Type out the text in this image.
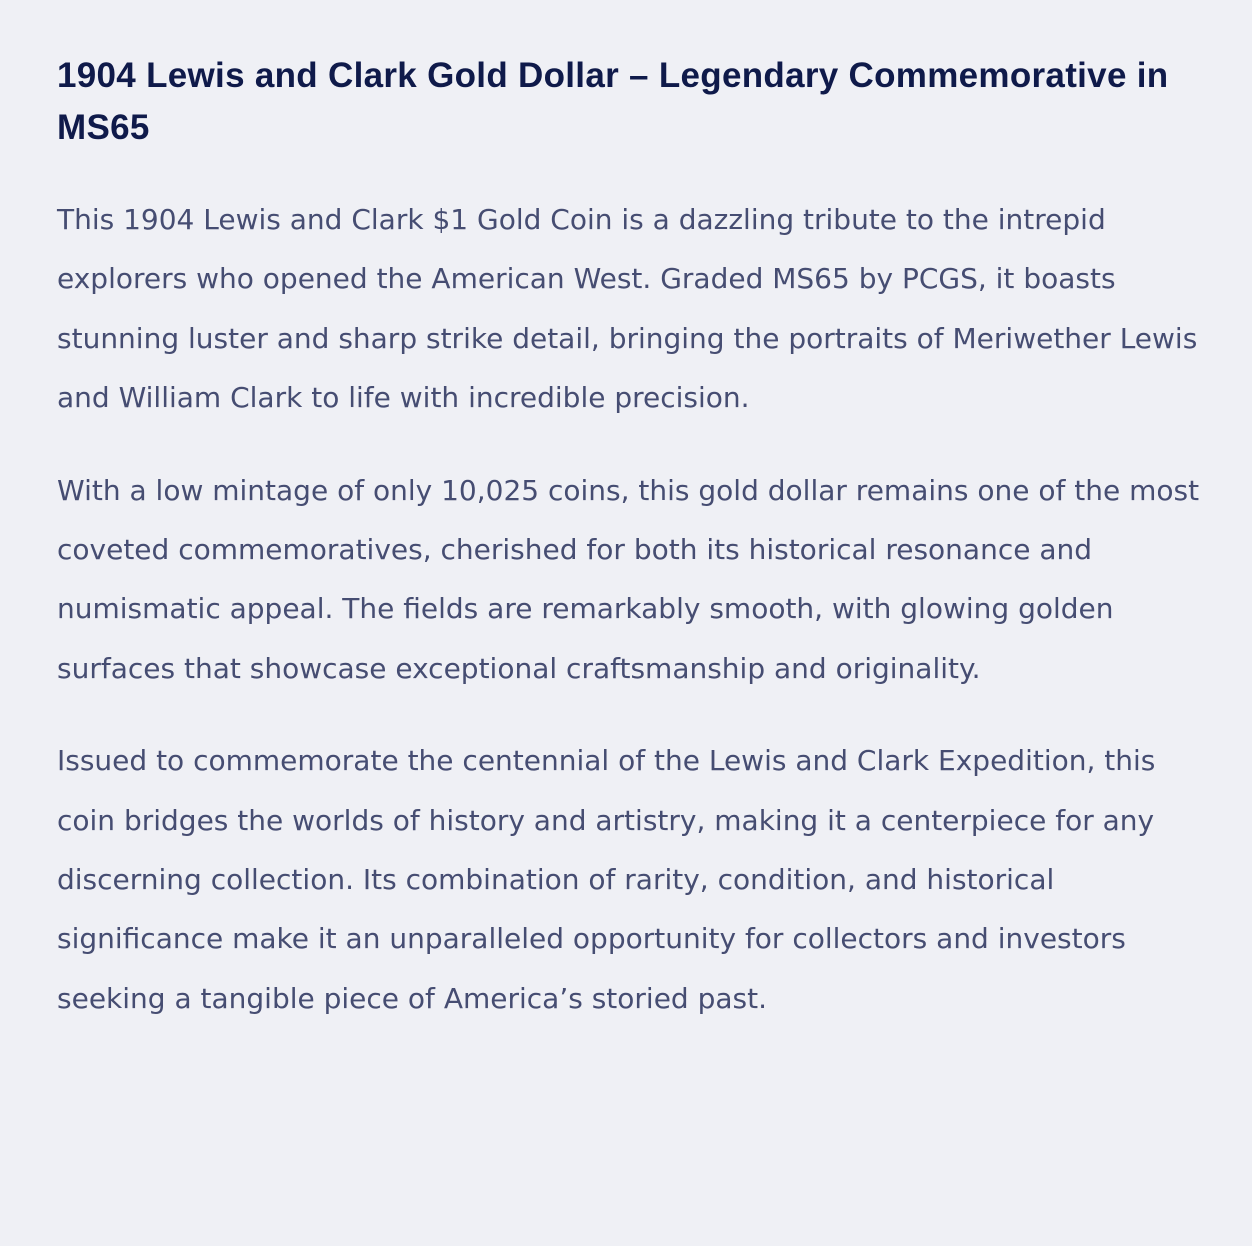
1904 Lewis and Clark Gold Dollar – Legendary Commemorative in MS65

This 1904 Lewis and Clark $1 Gold Coin is a dazzling tribute to the intrepid explorers who opened the American West. Graded MS65 by PCGS, it boasts stunning luster and sharp strike detail, bringing the portraits of Meriwether Lewis and William Clark to life with incredible precision.

With a low mintage of only 10,025 coins, this gold dollar remains one of the most coveted commemoratives, cherished for both its historical resonance and numismatic appeal. The fields are remarkably smooth, with glowing golden surfaces that showcase exceptional craftsmanship and originality.

Issued to commemorate the centennial of the Lewis and Clark Expedition, this coin bridges the worlds of history and artistry, making it a centerpiece for any discerning collection. Its combination of rarity, condition, and historical significance make it an unparalleled opportunity for collectors and investors seeking a tangible piece of America’s storied past.
